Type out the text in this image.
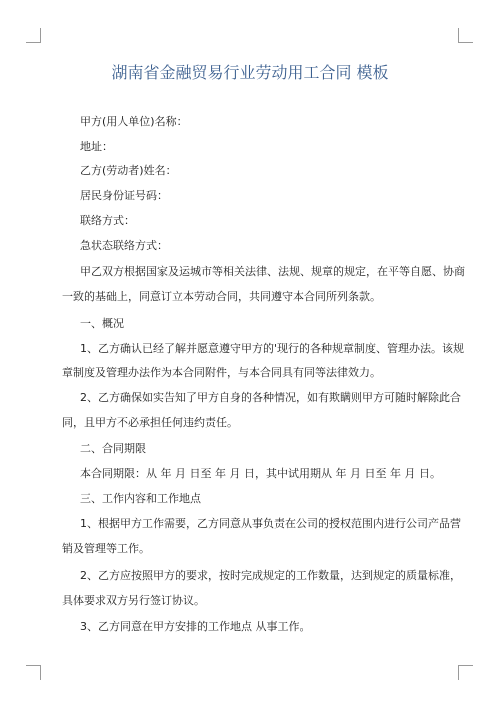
湖南省金融贸易行业劳动用工合同 模板
甲方(用人单位)名称：
地址：
乙方(劳动者)姓名：
居民身份证号码：
联络方式：
急状态联络方式：
甲乙双方根据国家及运城市等相关法律、法规、规章的规定，在平等自愿、协商
一致的基础上，同意订立本劳动合同，共同遵守本合同所列条款。
一、概况
1、乙方确认已经了解并愿意遵守甲方的'现行的各种规章制度、管理办法。该规
章制度及管理办法作为本合同附件，与本合同具有同等法律效力。
2、乙方确保如实告知了甲方自身的各种情况，如有欺瞒则甲方可随时解除此合
同，且甲方不必承担任何违约责任。
二、合同期限
本合同期限：从 年 月 日至 年 月 日，其中试用期从 年 月 日至 年 月 日。
三、工作内容和工作地点
1、根据甲方工作需要，乙方同意从事负责在公司的授权范围内进行公司产品营
销及管理等工作。
2、乙方应按照甲方的要求，按时完成规定的工作数量，达到规定的质量标准，
具体要求双方另行签订协议。
3、乙方同意在甲方安排的工作地点 从事工作。
